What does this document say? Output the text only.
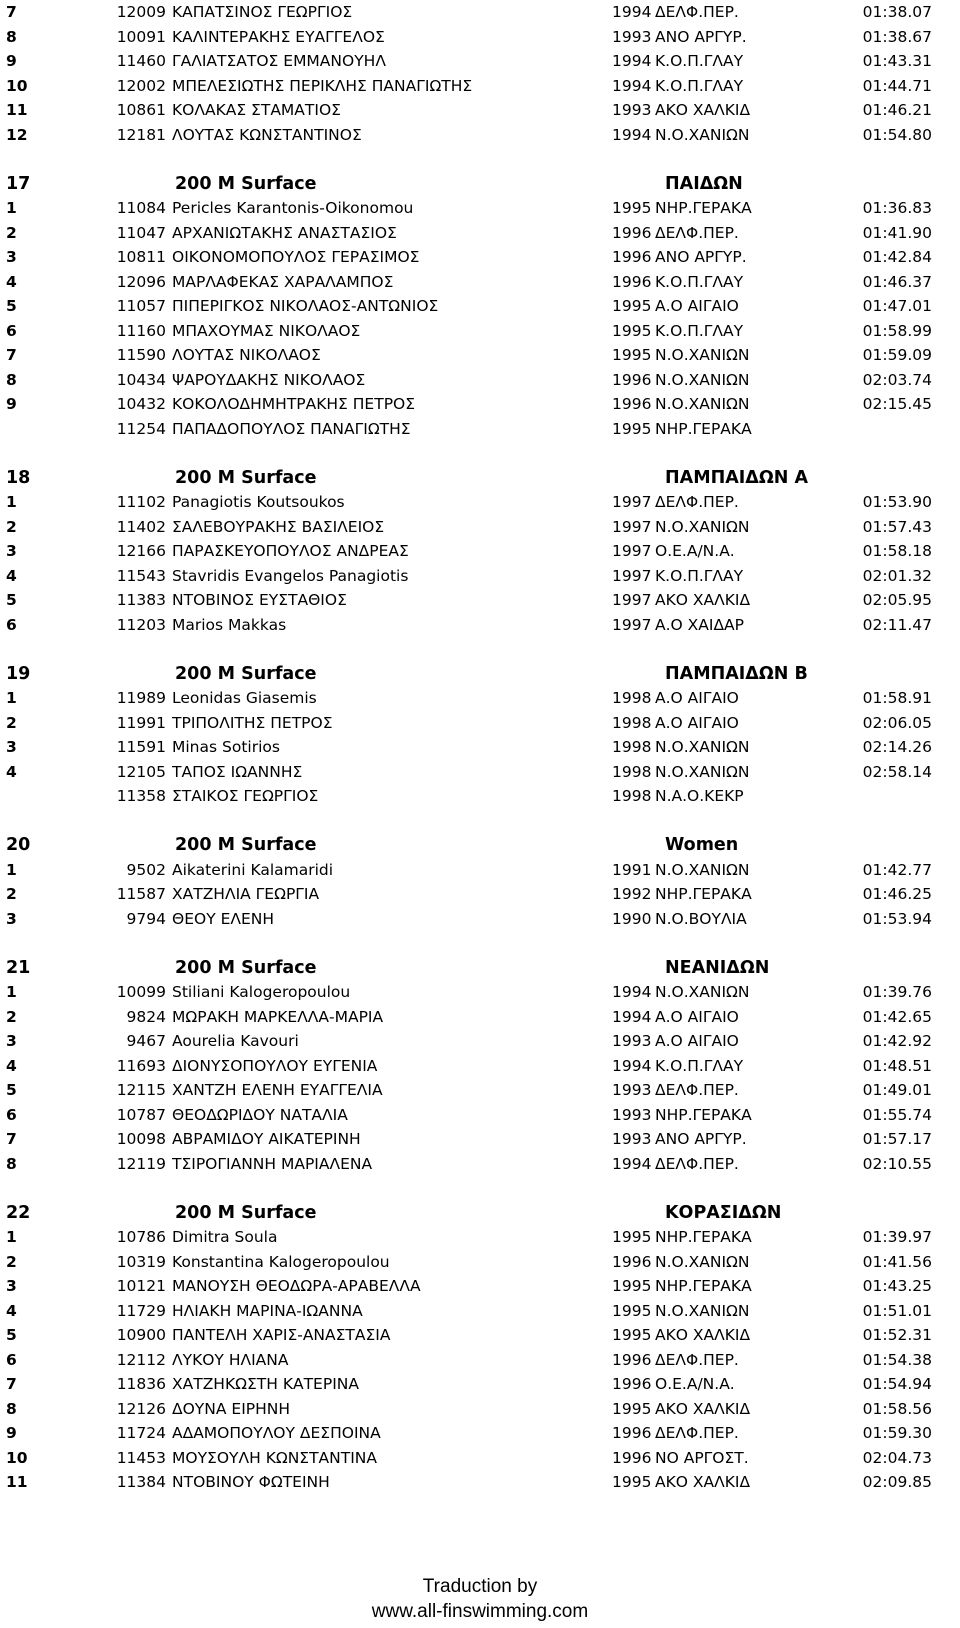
7	12009 ΚΑΠΑΤΣΙΝΟΣ ΓΕΩΡΓΙΟΣ	1994 ΔΕΛΦ.ΠΕΡ.	01:38.07
8	10091 ΚΑΛΙΝΤΕΡΑΚΗΣ ΕΥΑΓΓΕΛΟΣ	1993 ΑΝΟ ΑΡΓΥΡ.	01:38.67
9	11460 ΓΑΛΙΑΤΣΑΤΟΣ ΕΜΜΑΝΟΥΗΛ	1994 Κ.Ο.Π.ΓΛΑΥ	01:43.31
10	12002 ΜΠΕΛΕΣΙΩΤΗΣ ΠΕΡΙΚΛΗΣ ΠΑΝΑΓΙΩΤΗΣ	1994 Κ.Ο.Π.ΓΛΑΥ	01:44.71
11	10861 ΚΟΛΑΚΑΣ ΣΤΑΜΑΤΙΟΣ	1993 ΑΚΟ ΧΑΛΚΙΔ	01:46.21
12	12181 ΛΟΥΤΑΣ ΚΩΝΣΤΑΝΤΙΝΟΣ	1994 Ν.Ο.ΧΑΝΙΩΝ	01:54.80
17	200 M Surface	ΠΑΙΔΩΝ
1	11084 Pericles Karantonis-Oikonomou	1995 ΝΗΡ.ΓΕΡΑΚΑ	01:36.83
2	11047 ΑΡΧΑΝΙΩΤΑΚΗΣ ΑΝΑΣΤΑΣΙΟΣ	1996 ΔΕΛΦ.ΠΕΡ.	01:41.90
3	10811 ΟΙΚΟΝΟΜΟΠΟΥΛΟΣ ΓΕΡΑΣΙΜΟΣ	1996 ΑΝΟ ΑΡΓΥΡ.	01:42.84
4	12096 ΜΑΡΛΑΦΕΚΑΣ ΧΑΡΑΛΑΜΠΟΣ	1996 Κ.Ο.Π.ΓΛΑΥ	01:46.37
5	11057 ΠΙΠΕΡΙΓΚΟΣ ΝΙΚΟΛΑΟΣ-ΑΝΤΩΝΙΟΣ	1995 Α.Ο ΑΙΓΑΙΟ	01:47.01
6	11160 ΜΠΑΧΟΥΜΑΣ ΝΙΚΟΛΑΟΣ	1995 Κ.Ο.Π.ΓΛΑΥ	01:58.99
7	11590 ΛΟΥΤΑΣ ΝΙΚΟΛΑΟΣ	1995 Ν.Ο.ΧΑΝΙΩΝ	01:59.09
8	10434 ΨΑΡΟΥΔΑΚΗΣ ΝΙΚΟΛΑΟΣ	1996 Ν.Ο.ΧΑΝΙΩΝ	02:03.74
9	10432 ΚΟΚΟΛΟΔΗΜΗΤΡΑΚΗΣ ΠΕΤΡΟΣ	1996 Ν.Ο.ΧΑΝΙΩΝ	02:15.45
11254 ΠΑΠΑΔΟΠΟΥΛΟΣ ΠΑΝΑΓΙΩΤΗΣ	1995 ΝΗΡ.ΓΕΡΑΚΑ
18	200 M Surface	ΠΑΜΠΑΙΔΩΝ Α
1	11102 Panagiotis Koutsoukos	1997 ΔΕΛΦ.ΠΕΡ.	01:53.90
2	11402 ΣΑΛΕΒΟΥΡΑΚΗΣ ΒΑΣΙΛΕΙΟΣ	1997 Ν.Ο.ΧΑΝΙΩΝ	01:57.43
3	12166 ΠΑΡΑΣΚΕΥΟΠΟΥΛΟΣ ΑΝΔΡΕΑΣ	1997 Ο.Ε.Α/Ν.Α.	01:58.18
4	11543 Stavridis Evangelos Panagiotis	1997 Κ.Ο.Π.ΓΛΑΥ	02:01.32
5	11383 ΝΤΟΒΙΝΟΣ ΕΥΣΤΑΘΙΟΣ	1997 ΑΚΟ ΧΑΛΚΙΔ	02:05.95
6	11203 Marios Makkas	1997 Α.Ο ΧΑΙΔΑΡ	02:11.47
19	200 M Surface	ΠΑΜΠΑΙΔΩΝ Β
1	11989 Leonidas Giasemis	1998 Α.Ο ΑΙΓΑΙΟ	01:58.91
2	11991 ΤΡΙΠΟΛΙΤΗΣ ΠΕΤΡΟΣ	1998 Α.Ο ΑΙΓΑΙΟ	02:06.05
3	11591 Minas Sotirios	1998 Ν.Ο.ΧΑΝΙΩΝ	02:14.26
4	12105 ΤΑΠΟΣ ΙΩΑΝΝΗΣ	1998 Ν.Ο.ΧΑΝΙΩΝ	02:58.14
11358 ΣΤΑΙΚΟΣ ΓΕΩΡΓΙΟΣ	1998 Ν.Α.Ο.ΚΕΚΡ
20	200 M Surface	Women
1	9502 Aikaterini Kalamaridi	1991 Ν.Ο.ΧΑΝΙΩΝ	01:42.77
2	11587 ΧΑΤΖΗΛΙΑ ΓΕΩΡΓΙΑ	1992 ΝΗΡ.ΓΕΡΑΚΑ	01:46.25
3	9794 ΘΕΟΥ ΕΛΕΝΗ	1990 Ν.Ο.ΒΟΥΛΙΑ	01:53.94
21	200 M Surface	ΝΕΑΝΙΔΩΝ
1	10099 Stiliani Kalogeropoulou	1994 Ν.Ο.ΧΑΝΙΩΝ	01:39.76
2	9824 ΜΩΡΑΚΗ ΜΑΡΚΕΛΛΑ-ΜΑΡΙΑ	1994 Α.Ο ΑΙΓΑΙΟ	01:42.65
3	9467 Aourelia Kavouri	1993 Α.Ο ΑΙΓΑΙΟ	01:42.92
4	11693 ΔΙΟΝΥΣΟΠΟΥΛΟΥ ΕΥΓΕΝΙΑ	1994 Κ.Ο.Π.ΓΛΑΥ	01:48.51
5	12115 ΧΑΝΤΖΗ ΕΛΕΝΗ ΕΥΑΓΓΕΛΙΑ	1993 ΔΕΛΦ.ΠΕΡ.	01:49.01
6	10787 ΘΕΟΔΩΡΙΔΟΥ ΝΑΤΑΛΙΑ	1993 ΝΗΡ.ΓΕΡΑΚΑ	01:55.74
7	10098 ΑΒΡΑΜΙΔΟΥ ΑΙΚΑΤΕΡΙΝΗ	1993 ΑΝΟ ΑΡΓΥΡ.	01:57.17
8	12119 ΤΣΙΡΟΓΙΑΝΝΗ ΜΑΡΙΑΛΕΝΑ	1994 ΔΕΛΦ.ΠΕΡ.	02:10.55
22	200 M Surface	ΚΟΡΑΣΙΔΩΝ
1	10786 Dimitra Soula	1995 ΝΗΡ.ΓΕΡΑΚΑ	01:39.97
2	10319 Konstantina Kalogeropoulou	1996 Ν.Ο.ΧΑΝΙΩΝ	01:41.56
3	10121 ΜΑΝΟΥΣΗ ΘΕΟΔΩΡΑ-ΑΡΑΒΕΛΛΑ	1995 ΝΗΡ.ΓΕΡΑΚΑ	01:43.25
4	11729 ΗΛΙΑΚΗ ΜΑΡΙΝΑ-ΙΩΑΝΝΑ	1995 Ν.Ο.ΧΑΝΙΩΝ	01:51.01
5	10900 ΠΑΝΤΕΛΗ ΧΑΡΙΣ-ΑΝΑΣΤΑΣΙΑ	1995 ΑΚΟ ΧΑΛΚΙΔ	01:52.31
6	12112 ΛΥΚΟΥ ΗΛΙΑΝΑ	1996 ΔΕΛΦ.ΠΕΡ.	01:54.38
7	11836 ΧΑΤΖΗΚΩΣΤΗ ΚΑΤΕΡΙΝΑ	1996 Ο.Ε.Α/Ν.Α.	01:54.94
8	12126 ΔΟΥΝΑ ΕΙΡΗΝΗ	1995 ΑΚΟ ΧΑΛΚΙΔ	01:58.56
9	11724 ΑΔΑΜΟΠΟΥΛΟΥ ΔΕΣΠΟΙΝΑ	1996 ΔΕΛΦ.ΠΕΡ.	01:59.30
10	11453 ΜΟΥΣΟΥΛΗ ΚΩΝΣΤΑΝΤΙΝΑ	1996 ΝΟ ΑΡΓΟΣΤ.	02:04.73
11	11384 ΝΤΟΒΙΝΟΥ ΦΩΤΕΙΝΗ	1995 ΑΚΟ ΧΑΛΚΙΔ	02:09.85
Traduction by
www.all-finswimming.com
